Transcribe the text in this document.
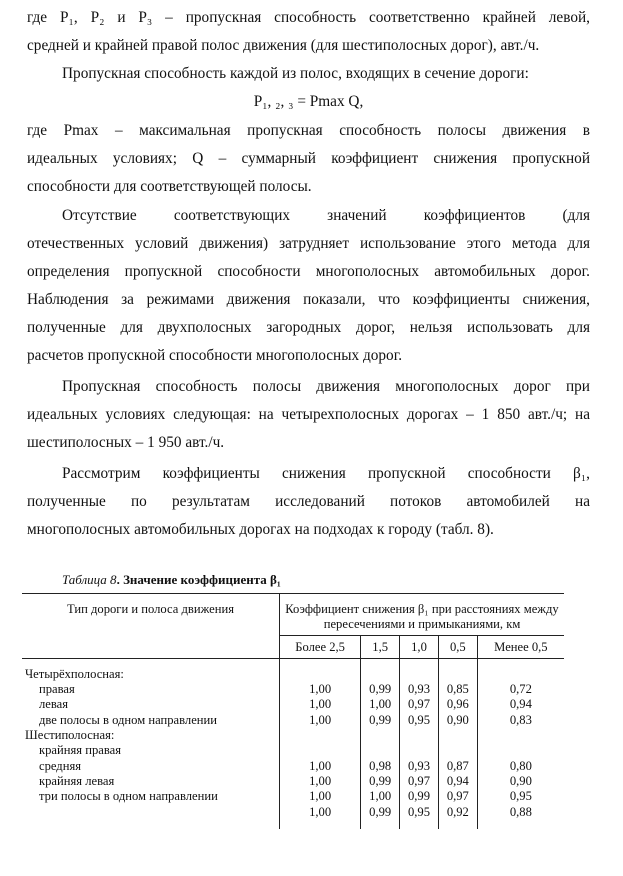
где P₁, P₂ и P₃ – пропускная способность соответственно крайней левой,
средней и крайней правой полос движения (для шестиполосных дорог), авт./ч.
Пропускная способность каждой из полос, входящих в сечение дороги:
P₁, ₂, ₃ = Pmax Q,
где Pmax – максимальная пропускная способность полосы движения в
идеальных условиях; Q – суммарный коэффициент снижения пропускной
способности для соответствующей полосы.
Отсутствие соответствующих значений коэффициентов (для
отечественных условий движения) затрудняет использование этого метода для
определения пропускной способности многополосных автомобильных дорог.
Наблюдения за режимами движения показали, что коэффициенты снижения,
полученные для двухполосных загородных дорог, нельзя использовать для
расчетов пропускной способности многополосных дорог.
Пропускная способность полосы движения многополосных дорог при
идеальных условиях следующая: на четырехполосных дорогах – 1 850 авт./ч; на
шестиполосных – 1 950 авт./ч.
Рассмотрим коэффициенты снижения пропускной способности β₁,
полученные по результатам исследований потоков автомобилей на
многополосных автомобильных дорогах на подходах к городу (табл. 8).
Таблица 8. Значение коэффициента β₁
Тип дороги и полоса движения	Коэффициент снижения β₁ при расстояниях между пересечениями и примыканиями, км				
	Более 2,5	1,5	1,0	0,5	Менее 0,5

Четырёхполосная:					
правая	1,00	0,99	0,93	0,85	0,72
левая	1,00	1,00	0,97	0,96	0,94
две полосы в одном направлении	1,00	0,99	0,95	0,90	0,83
Шестиполосная:					
крайняя правая					
средняя	1,00	0,98	0,93	0,87	0,80
крайняя левая	1,00	0,99	0,97	0,94	0,90
три полосы в одном направлении	1,00	1,00	0,99	0,97	0,95
	1,00	0,99	0,95	0,92	0,88
